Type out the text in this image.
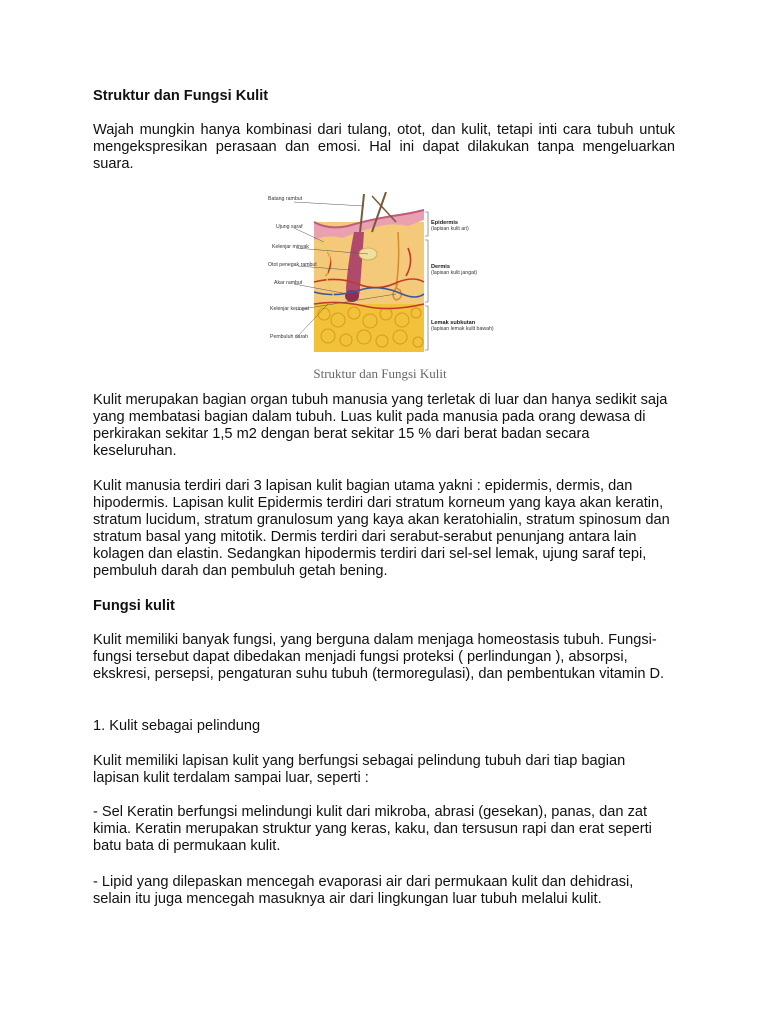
Struktur dan Fungsi Kulit

Wajah mungkin hanya kombinasi dari tulang, otot, dan kulit, tetapi inti cara tubuh untuk mengekspresikan perasaan dan emosi. Hal ini dapat dilakukan tanpa mengeluarkan suara.

Batang rambut
Ujung saraf
Kelenjar minyak
Otot penegak rambut
Akar rambut
Kelenjar keringat
Pembuluh darah
Epidermis
(lapisan kulit ari)
Dermis
(lapisan kulit jangat)
Lemak subkutan
(lapisan lemak kulit bawah)
Struktur dan Fungsi Kulit

Kulit merupakan bagian organ tubuh manusia yang terletak di luar dan hanya sedikit saja yang membatasi bagian dalam tubuh. Luas kulit pada manusia pada orang dewasa di perkirakan sekitar 1,5 m2 dengan berat sekitar 15 % dari berat badan secara keseluruhan.

Kulit manusia terdiri dari 3 lapisan kulit bagian utama yakni : epidermis, dermis, dan hipodermis. Lapisan kulit Epidermis terdiri dari stratum korneum yang kaya akan keratin, stratum lucidum, stratum granulosum yang kaya akan keratohialin, stratum spinosum dan stratum basal yang mitotik. Dermis terdiri dari serabut-serabut penunjang antara lain kolagen dan elastin. Sedangkan hipodermis terdiri dari sel-sel lemak, ujung saraf tepi, pembuluh darah dan pembuluh getah bening.

Fungsi kulit

Kulit memiliki banyak fungsi, yang berguna dalam menjaga homeostasis tubuh. Fungsi-fungsi tersebut dapat dibedakan menjadi fungsi proteksi ( perlindungan ), absorpsi, ekskresi, persepsi, pengaturan suhu tubuh (termoregulasi), dan pembentukan vitamin D.

1. Kulit sebagai pelindung

Kulit memiliki lapisan kulit yang berfungsi sebagai pelindung tubuh dari tiap bagian lapisan kulit terdalam sampai luar, seperti :

- Sel Keratin berfungsi melindungi kulit dari mikroba, abrasi (gesekan), panas, dan zat kimia. Keratin merupakan struktur yang keras, kaku, dan tersusun rapi dan erat seperti batu bata di permukaan kulit.

- Lipid yang dilepaskan mencegah evaporasi air dari permukaan kulit dan dehidrasi, selain itu juga mencegah masuknya air dari lingkungan luar tubuh melalui kulit.
